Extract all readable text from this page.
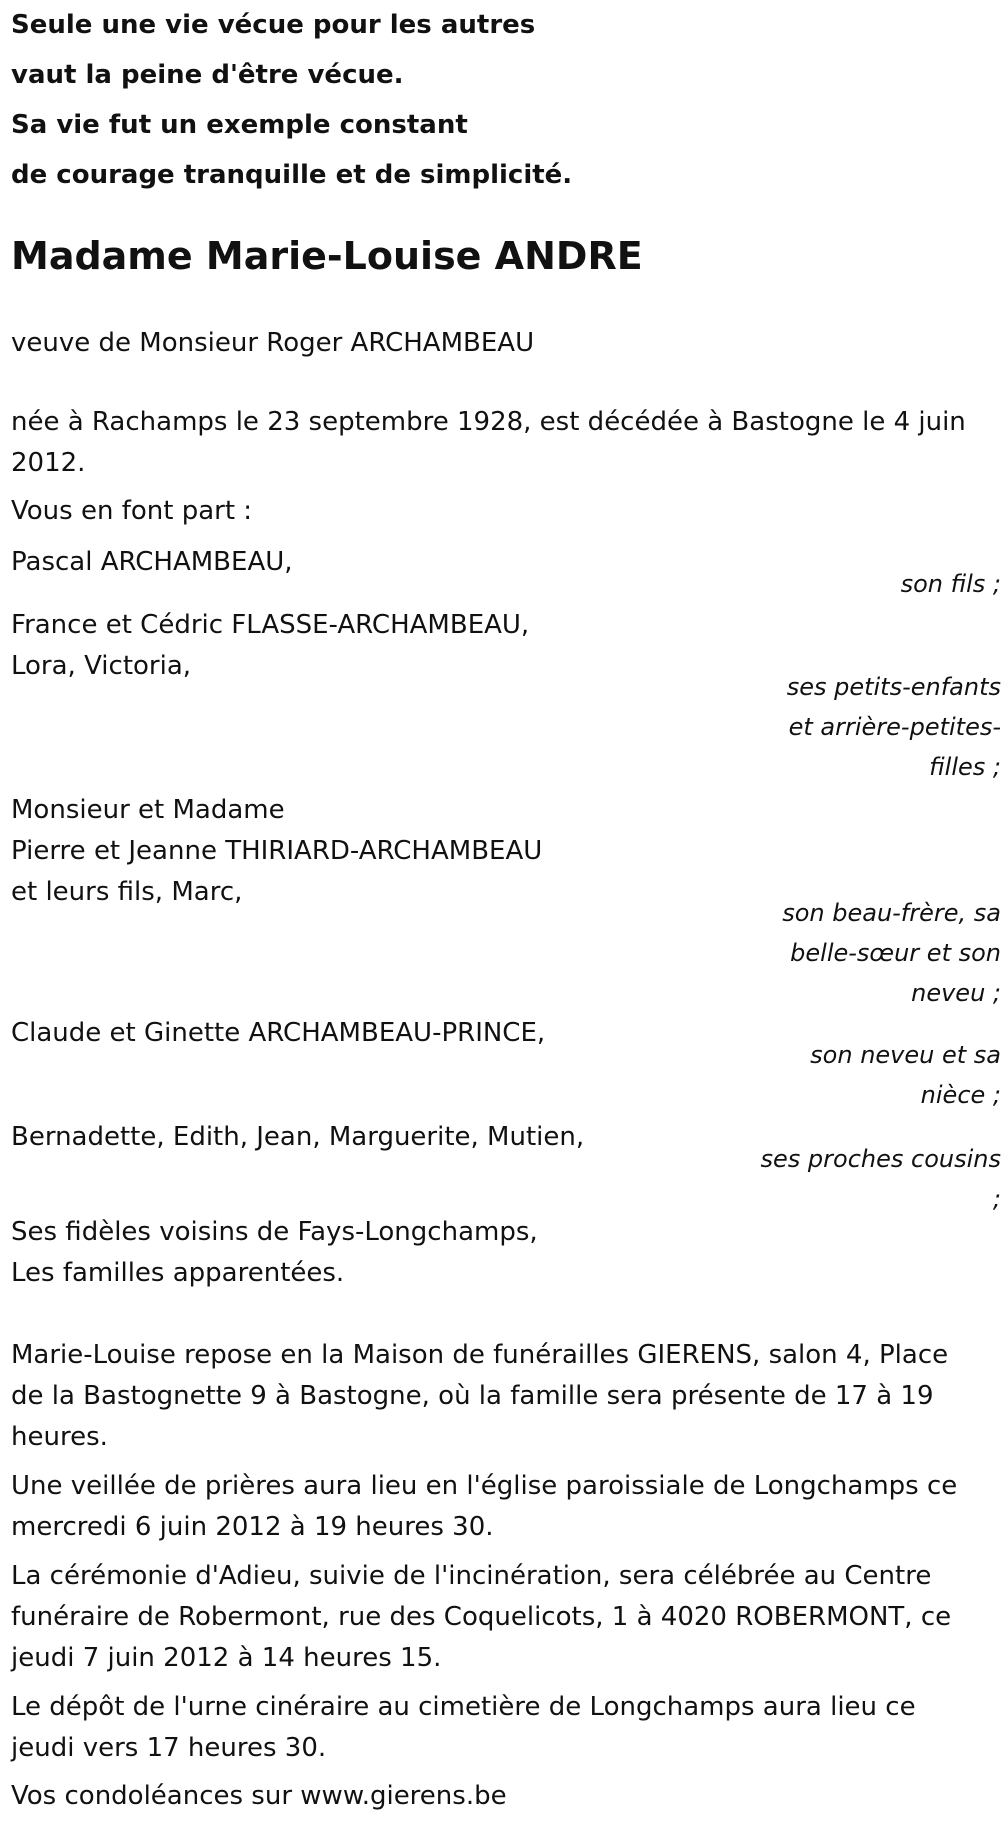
Seule une vie vécue pour les autres
vaut la peine d'être vécue.
Sa vie fut un exemple constant
de courage tranquille et de simplicité.
Madame Marie-Louise ANDRE
veuve de Monsieur Roger ARCHAMBEAU
née à Rachamps le 23 septembre 1928, est décédée à Bastogne le 4 juin
2012.
Vous en font part :
Pascal ARCHAMBEAU,
son fils ;
France et Cédric FLASSE-ARCHAMBEAU,
Lora, Victoria,
ses petits-enfants
et arrière-petites-
filles ;
Monsieur et Madame
Pierre et Jeanne THIRIARD-ARCHAMBEAU
et leurs fils, Marc,
son beau-frère, sa
belle-sœur et son
neveu ;
Claude et Ginette ARCHAMBEAU-PRINCE,
son neveu et sa
nièce ;
Bernadette, Edith, Jean, Marguerite, Mutien,
ses proches cousins
;
Ses fidèles voisins de Fays-Longchamps,
Les familles apparentées.
Marie-Louise repose en la Maison de funérailles GIERENS, salon 4, Place
de la Bastognette 9 à Bastogne, où la famille sera présente de 17 à 19
heures.
Une veillée de prières aura lieu en l'église paroissiale de Longchamps ce
mercredi 6 juin 2012 à 19 heures 30.
La cérémonie d'Adieu, suivie de l'incinération, sera célébrée au Centre
funéraire de Robermont, rue des Coquelicots, 1 à 4020 ROBERMONT, ce
jeudi 7 juin 2012 à 14 heures 15.
Le dépôt de l'urne cinéraire au cimetière de Longchamps aura lieu ce
jeudi vers 17 heures 30.
Vos condoléances sur www.gierens.be
